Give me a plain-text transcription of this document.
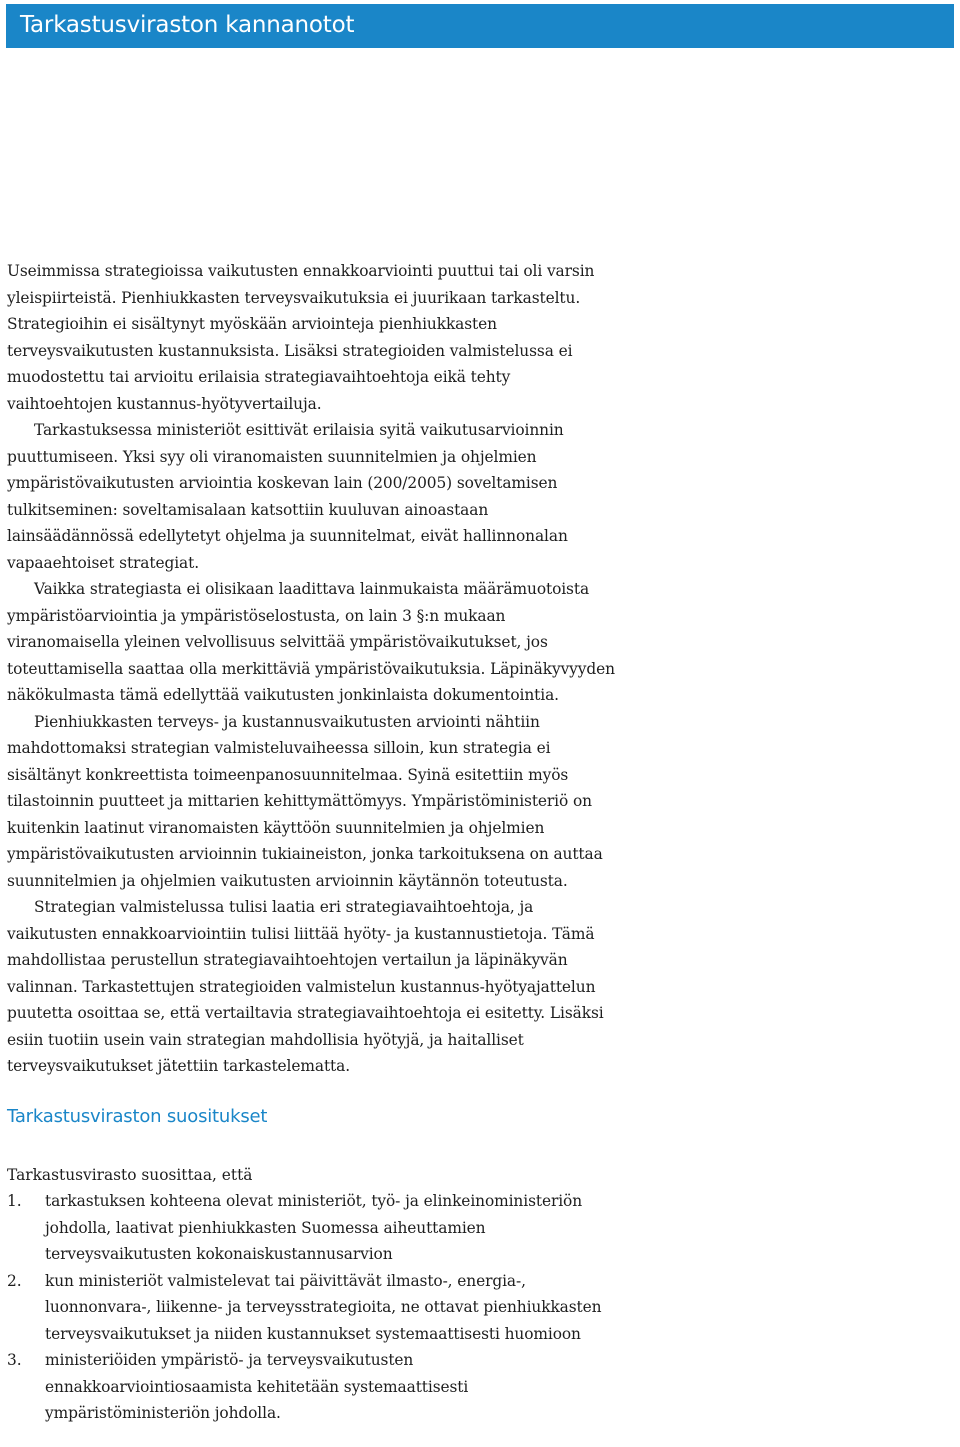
Tarkastusviraston kannanotot

Useimmissa strategioissa vaikutusten ennakkoarviointi puuttui tai oli varsin yleispiirteistä. Pienhiukkasten terveysvaikutuksia ei juurikaan tarkasteltu. Strategioihin ei sisältynyt myöskään arviointeja pienhiukkasten terveysvaikutusten kustannuksista. Lisäksi strategioiden valmistelussa ei muodostettu tai arvioitu erilaisia strategiavaihtoehtoja eikä tehty vaihtoehtojen kustannus-hyötyvertailuja.

Tarkastuksessa ministeriöt esittivät erilaisia syitä vaikutusarvioinnin puuttumiseen. Yksi syy oli viranomaisten suunnitelmien ja ohjelmien ympäristövaikutusten arviointia koskevan lain (200/2005) soveltamisen tulkitseminen: soveltamisalaan katsottiin kuuluvan ainoastaan lainsäädännössä edellytetyt ohjelma ja suunnitelmat, eivät hallinnonalan vapaaehtoiset strategiat.

Vaikka strategiasta ei olisikaan laadittava lainmukaista määrämuotoista ympäristöarviointia ja ympäristöselostusta, on lain 3 §:n mukaan viranomaisella yleinen velvollisuus selvittää ympäristövaikutukset, jos toteuttamisella saattaa olla merkittäviä ympäristövaikutuksia. Läpinäkyvyyden näkökulmasta tämä edellyttää vaikutusten jonkinlaista dokumentointia.

Pienhiukkasten terveys- ja kustannusvaikutusten arviointi nähtiin mahdottomaksi strategian valmisteluvaiheessa silloin, kun strategia ei sisältänyt konkreettista toimeenpanosuunnitelmaa. Syinä esitettiin myös tilastoinnin puutteet ja mittarien kehittymättömyys. Ympäristöministeriö on kuitenkin laatinut viranomaisten käyttöön suunnitelmien ja ohjelmien ympäristövaikutusten arvioinnin tukiaineiston, jonka tarkoituksena on auttaa suunnitelmien ja ohjelmien vaikutusten arvioinnin käytännön toteutusta.

Strategian valmistelussa tulisi laatia eri strategiavaihtoehtoja, ja vaikutusten ennakkoarviointiin tulisi liittää hyöty- ja kustannustietoja. Tämä mahdollistaa perustellun strategiavaihtoehtojen vertailun ja läpinäkyvän valinnan. Tarkastettujen strategioiden valmistelun kustannus-hyötyajattelun puutetta osoittaa se, että vertailtavia strategiavaihtoehtoja ei esitetty. Lisäksi esiin tuotiin usein vain strategian mahdollisia hyötyjä, ja haitalliset terveysvaikutukset jätettiin tarkastelematta.

Tarkastusviraston suositukset

Tarkastusvirasto suosittaa, että

1. tarkastuksen kohteena olevat ministeriöt, työ- ja elinkeinoministeriön johdolla, laativat pienhiukkasten Suomessa aiheuttamien terveysvaikutusten kokonaiskustannusarvion
2. kun ministeriöt valmistelevat tai päivittävät ilmasto-, energia-, luonnonvara-, liikenne- ja terveysstrategioita, ne ottavat pienhiukkasten terveysvaikutukset ja niiden kustannukset systemaattisesti huomioon
3. ministeriöiden ympäristö- ja terveysvaikutusten ennakkoarviointiosaamista kehitetään systemaattisesti ympäristöministeriön johdolla.
